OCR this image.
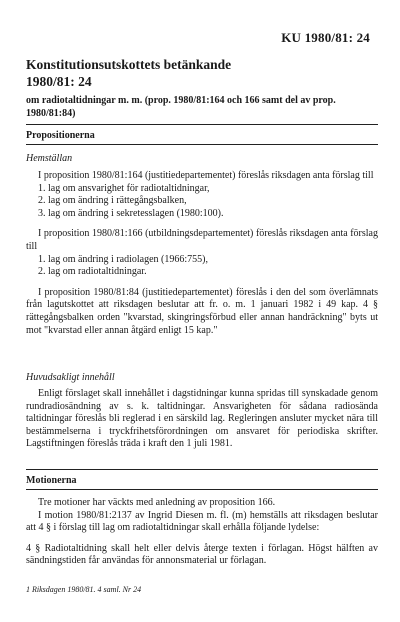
KU 1980/81: 24
Konstitutionsutskottets betänkande
1980/81: 24
om radiotaltidningar m. m. (prop. 1980/81:164 och 166 samt del av prop. 1980/81:84)
Propositionerna
Hemställan

I proposition 1980/81:164 (justitiedepartementet) föreslås riksdagen anta förslag till

1. lag om ansvarighet för radiotaltidningar,
2. lag om ändring i rättegångsbalken,
3. lag om ändring i sekretesslagen (1980:100).

I proposition 1980/81:166 (utbildningsdepartementet) föreslås riksdagen anta förslag till

1. lag om ändring i radiolagen (1966:755),
2. lag om radiotaltidningar.

I proposition 1980/81:84 (justitiedepartementet) föreslås i den del som överlämnats från lagutskottet att riksdagen beslutar att fr. o. m. 1 januari 1982 i 49 kap. 4 § rättegångsbalken orden "kvarstad, skingringsförbud eller annan handräckning" byts ut mot "kvarstad eller annan åtgärd enligt 15 kap."

Huvudsakligt innehåll

Enligt förslaget skall innehållet i dagstidningar kunna spridas till synskadade genom rundradiosändning av s. k. taltidningar. Ansvarigheten för sådana radiosända taltidningar föreslås bli reglerad i en särskild lag. Regleringen ansluter mycket nära till bestämmelserna i tryckfrihetsförordningen om ansvaret för periodiska skrifter. Lagstiftningen föreslås träda i kraft den 1 juli 1981.

Motionerna

Tre motioner har väckts med anledning av proposition 166.

I motion 1980/81:2137 av Ingrid Diesen m. fl. (m) hemställs att riksdagen beslutar att 4 § i förslag till lag om radiotaltidningar skall erhålla följande lydelse:

4 § Radiotaltidning skall helt eller delvis återge texten i förlagan. Högst hälften av sändningstiden får användas för annonsmaterial ur förlagan.

1 Riksdagen 1980/81. 4 saml. Nr 24
